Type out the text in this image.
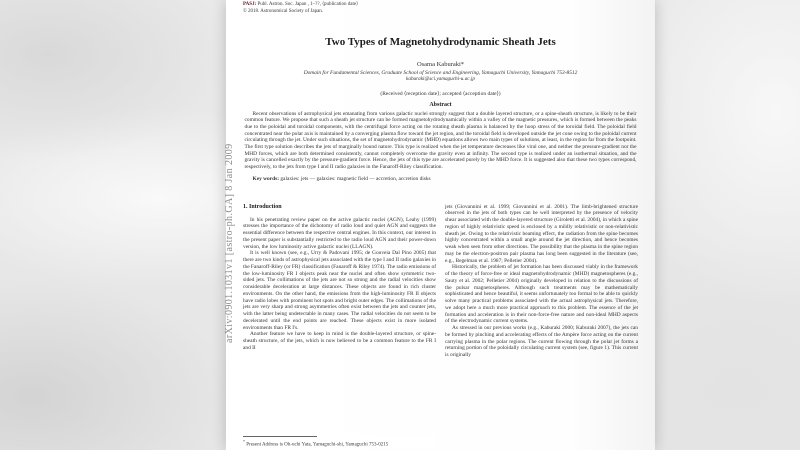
arXiv:0901.1031v1 [astro-ph.GA] 8 Jan 2009
PASJ: Publ. Astron. Soc. Japan , 1–??, ⟨publication date⟩
© 2018. Astronomical Society of Japan.
Two Types of Magnetohydrodynamic Sheath Jets
Osama Kaburaki*
Domain for Fundamental Sciences, Graduate School of Science and Engineering, Yamaguchi University, Yamaguchi 753-8512
kaburaki@sci.yamaguchi-u.ac.jp
(Received ⟨reception date⟩; accepted ⟨acception date⟩)
Abstract
Recent observations of astrophysical jets emanating from various galactic nuclei strongly suggest that a double layered structure, or a spine-sheath structure, is likely to be their common feature. We propose that such a sheath jet structure can be formed magnetohydrodynamically within a valley of the magnetic pressures, which is formed between the peaks due to the poloidal and toroidal components, with the centrifugal force acting on the rotating sheath plasma is balanced by the hoop stress of the toroidal field. The poloidal field concentrated near the polar axis is maintained by a converging plasma flow toward the jet region, and the toroidal field is developed outside the jet cone owing to the poloidal current circulating through the jet. Under such situations, the set of magnetohydrodynamic (MHD) equations allows two main types of solutions, at least, in the region far from the footpoint. The first type solution describes the jets of marginally bound nature. This type is realized when the jet temperature decreases like viral one, and neither the pressure-gradient nor the MHD forces, which are both determined consistently, cannot completely overcome the gravity even at infinity. The second type is realized under an isothermal situation, and the gravity is cancelled exactly by the pressure-gradient force. Hence, the jets of this type are accelerated purely by the MHD force. It is suggested also that these two types correspond, respectively, to the jets from type I and II radio galaxies in the Fanaroff-Riley classification.
Key words: galaxies: jets — galaxies: magnetic field — accretion, accretion disks
1. Introduction

In his penetrating review paper on the active galactic nuclei (AGN), Leahy (1999) stresses the importance of the dichotomy of radio loud and quiet AGN and suggests the essential difference between the respective central engines. In this context, our interest in the present paper is substantially restricted to the radio loud AGN and their power-down version, the low luminosity active galactic nuclei (LLAGN).

It is well known (see, e.g., Urry & Padovani 1995; de Gouveia Dal Pino 2005) that there are two kinds of astrophysical jets associated with the type I and II radio galaxies in the Fanaroff-Riley (or FR) classification (Fanaroff & Riley 1974). The radio emissions of the low-luminosity FR I objects peak near the nuclei and often show symmetric two-sided jets. The collimations of the jets are not so strong and the radial velocities show considerable deceleration at large distances. These objects are found in rich cluster environments. On the other hand, the emissions from the high-luminosity FR II objects have radio lobes with prominent hot spots and bright outer edges. The collimations of the jets are very sharp and strong asymmetries often exist between the jets and counter jets, with the latter being undetectable in many cases. The radial velocities do not seem to be decelerated until the end points are reached. These objects exist in more isolated environments than FR I's.

Another feature we have to keep in mind is the double-layered structure, or spine-sheath structure, of the jets, which is now believed to be a common feature to the FR I and II

jets (Giovannini et al. 1999; Giovannini et al. 2001). The limb-brightened structure observed in the jets of both types can be well interpreted by the presence of velocity shear associated with the double-layered structure (Giroletti et al. 2004), in which a spine region of highly relativistic speed is enclosed by a mildly relativistic or non-relativistic sheath jet. Owing to the relativistic beaming effect, the radiation from the spine becomes highly concentrated within a small angle around the jet direction, and hence becomes weak when seen from other directions. The possibility that the plasma in the spine region may be the electron-positron pair plasma has long been suggested in the literature (see, e.g., Begelman et al. 1987; Pelletier 2004).

Historically, the problem of jet formation has been discussed viably in the framework of the theory of force-free or ideal magnetohydrodynamic (MHD) magnetospheres (e.g., Sauty et al. 2002; Pelletier 2004) originally developed in relation to the discussions of the pulsar magnetospheres. Although such treatments may be mathematically sophisticated and hence beautiful, it seems unfortunately too formal to be able to quickly solve many practical problems associated with the actual astrophysical jets. Therefore, we adopt here a much more practical approach to this problem. The essence of the jet formation and acceleration is in their non-force-free nature and non-ideal MHD aspects of the electrodynamic current systems.

As stressed in our previous works (e.g., Kaburaki 2000; Kaburaki 2007), the jets can be formed by pinching and accelerating effects of the Ampère force acting on the current carrying plasma in the polar regions. The current flowing through the polar jet forms a returning portion of the poloidally circulating current system (see, figure 1). This current is originally

* Present Address is Oh-uchi Yata, Yamaguchi-shi, Yamaguchi 753-0215
